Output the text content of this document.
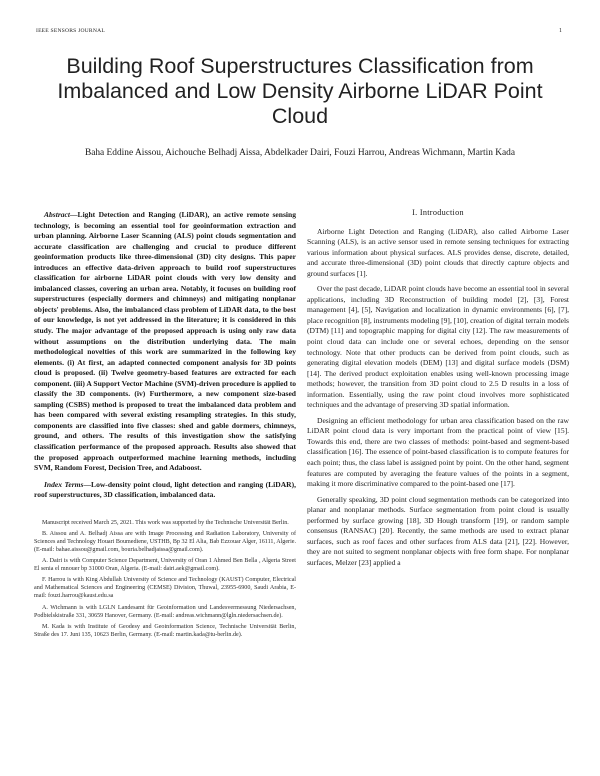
IEEE SENSORS JOURNAL	1
Building Roof Superstructures Classification from Imbalanced and Low Density Airborne LiDAR Point Cloud
Baha Eddine Aissou, Aichouche Belhadj Aissa, Abdelkader Dairi, Fouzi Harrou, Andreas Wichmann, Martin Kada

Abstract—Light Detection and Ranging (LiDAR), an active remote sensing technology, is becoming an essential tool for geoinformation extraction and urban planning. Airborne Laser Scanning (ALS) point clouds segmentation and accurate classification are challenging and crucial to produce different geoinformation products like three-dimensional (3D) city designs. This paper introduces an effective data-driven approach to build roof superstructures classification for airborne LiDAR point clouds with very low density and imbalanced classes, covering an urban area. Notably, it focuses on building roof superstructures (especially dormers and chimneys) and mitigating nonplanar objects' problems. Also, the imbalanced class problem of LiDAR data, to the best of our knowledge, is not yet addressed in the literature; it is considered in this study. The major advantage of the proposed approach is using only raw data without assumptions on the distribution underlying data. The main methodological novelties of this work are summarized in the following key elements. (i) At first, an adapted connected component analysis for 3D points cloud is proposed. (ii) Twelve geometry-based features are extracted for each component. (iii) A Support Vector Machine (SVM)-driven procedure is applied to classify the 3D components. (iv) Furthermore, a new component size-based sampling (CSBS) method is proposed to treat the imbalanced data problem and has been compared with several existing resampling strategies. In this study, components are classified into five classes: shed and gable dormers, chimneys, ground, and others. The results of this investigation show the satisfying classification performance of the proposed approach. Results also showed that the proposed approach outperformed machine learning methods, including SVM, Random Forest, Decision Tree, and Adaboost.

Index Terms—Low-density point cloud, light detection and ranging (LiDAR), roof superstructures, 3D classification, imbalanced data.

Manuscript received March 25, 2021. This work was supported by the Technische Universität Berlin.

B. Aissou and A. Belhadj Aissa are with Image Processing and Radiation Laboratory, University of Sciences and Technology Houari Boumediene, USTHB, Bp 32 El Alia, Bab Ezzouar Alger, 16111, Algerie. (E-mail: bahae.aissou@gmail.com, bouria.belhadjaissa@gmail.com).

A. Dairi is with Computer Science Department, University of Oran 1 Ahmed Ben Bella , Algeria Street El senia el mnouer bp 31000 Oran, Algeria. (E-mail: dairi.aek@gmail.com).

F. Harrou is with King Abdullah University of Science and Technology (KAUST) Computer, Electrical and Mathematical Sciences and Engineering (CEMSE) Division, Thuwal, 23955-6900, Saudi Arabia, E-mail: fouzi.harrou@kaust.edu.sa

A. Wichmann is with LGLN Landesamt für Geoinformation und Landesvermessung Niedersachsen, Podbielskistraße 331, 30659 Hanover, Germany. (E-mail: andreas.wichmann@lgln.niedersachsen.de).

M. Kada is with Institute of Geodesy and Geoinformation Science, Technische Universität Berlin, Straße des 17. Juni 135, 10623 Berlin, Germany. (E-mail: martin.kada@tu-berlin.de).

I. Introduction

Airborne Light Detection and Ranging (LiDAR), also called Airborne Laser Scanning (ALS), is an active sensor used in remote sensing techniques for extracting various information about physical surfaces. ALS provides dense, discrete, detailed, and accurate three-dimensional (3D) point clouds that directly capture objects and ground surfaces [1].

Over the past decade, LiDAR point clouds have become an essential tool in several applications, including 3D Reconstruction of building model [2], [3], Forest management [4], [5], Navigation and localization in dynamic environments [6], [7], place recognition [8], instruments modeling [9], [10], creation of digital terrain models (DTM) [11] and topographic mapping for digital city [12]. The raw measurements of point cloud data can include one or several echoes, depending on the sensor technology. Note that other products can be derived from point clouds, such as generating digital elevation models (DEM) [13] and digital surface models (DSM) [14]. The derived product exploitation enables using well-known processing image methods; however, the transition from 3D point cloud to 2.5 D results in a loss of information. Essentially, using the raw point cloud involves more sophisticated techniques and the advantage of preserving 3D spatial information.

Designing an efficient methodology for urban area classification based on the raw LiDAR point cloud data is very important from the practical point of view [15]. Towards this end, there are two classes of methods: point-based and segment-based classification [16]. The essence of point-based classification is to compute features for each point; thus, the class label is assigned point by point. On the other hand, segment features are computed by averaging the feature values of the points in a segment, making it more discriminative compared to the point-based one [17].

Generally speaking, 3D point cloud segmentation methods can be categorized into planar and nonplanar methods. Surface segmentation from point cloud is usually performed by surface growing [18], 3D Hough transform [19], or random sample consensus (RANSAC) [20]. Recently, the same methods are used to extract planar surfaces, such as roof faces and other surfaces from ALS data [21], [22]. However, they are not suited to segment nonplanar objects with free form shape. For nonplanar surfaces, Melzer [23] applied a
